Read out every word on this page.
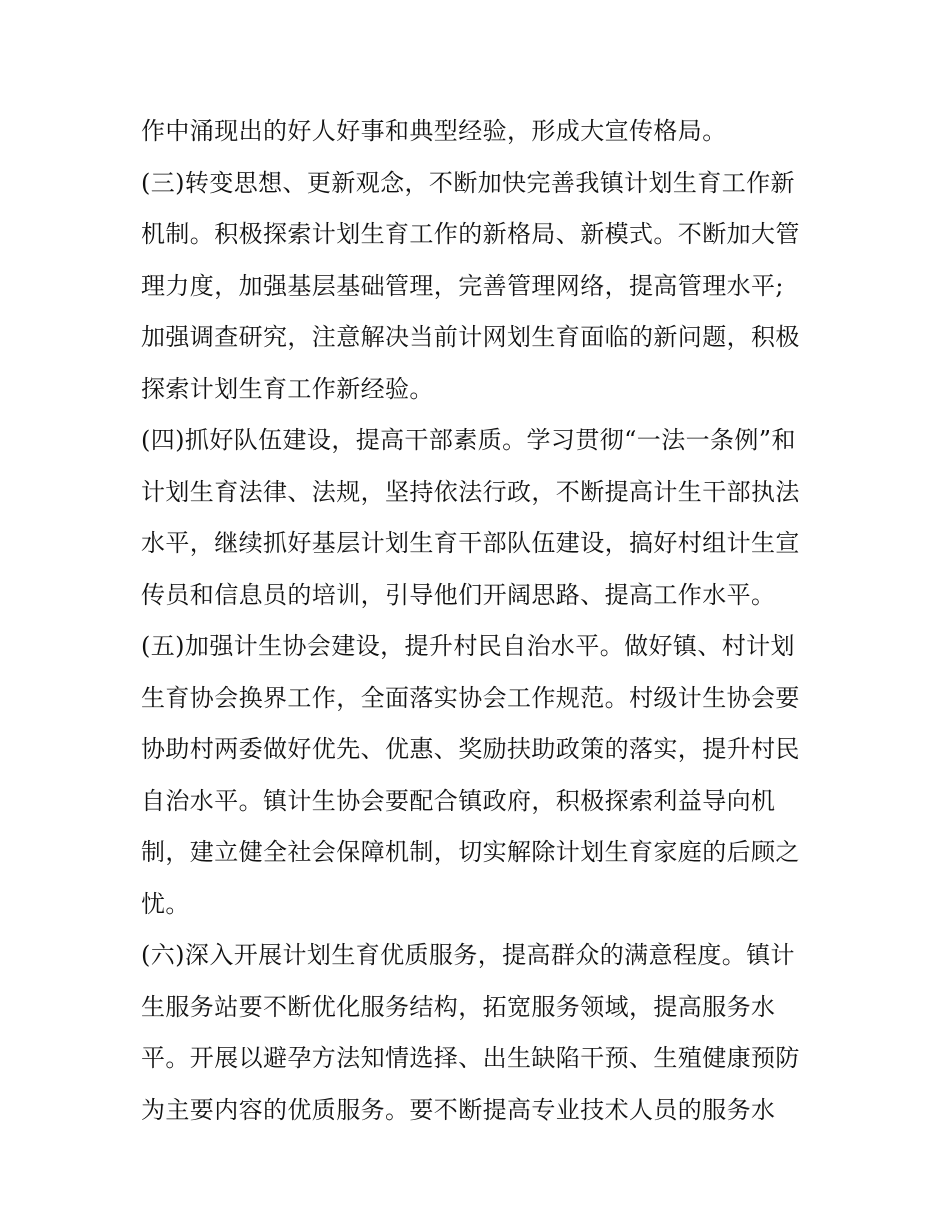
作中涌现出的好人好事和典型经验，形成大宣传格局。
(三)转变思想、更新观念，不断加快完善我镇计划生育工作新
机制。积极探索计划生育工作的新格局、新模式。不断加大管
理力度，加强基层基础管理，完善管理网络，提高管理水平;
加强调查研究，注意解决当前计网划生育面临的新问题，积极
探索计划生育工作新经验。
(四)抓好队伍建设，提高干部素质。学习贯彻“一法一条例”和
计划生育法律、法规，坚持依法行政，不断提高计生干部执法
水平，继续抓好基层计划生育干部队伍建设，搞好村组计生宣
传员和信息员的培训，引导他们开阔思路、提高工作水平。
(五)加强计生协会建设，提升村民自治水平。做好镇、村计划
生育协会换界工作，全面落实协会工作规范。村级计生协会要
协助村两委做好优先、优惠、奖励扶助政策的落实，提升村民
自治水平。镇计生协会要配合镇政府，积极探索利益导向机
制，建立健全社会保障机制，切实解除计划生育家庭的后顾之
忧。
(六)深入开展计划生育优质服务，提高群众的满意程度。镇计
生服务站要不断优化服务结构，拓宽服务领域，提高服务水
平。开展以避孕方法知情选择、出生缺陷干预、生殖健康预防
为主要内容的优质服务。要不断提高专业技术人员的服务水
